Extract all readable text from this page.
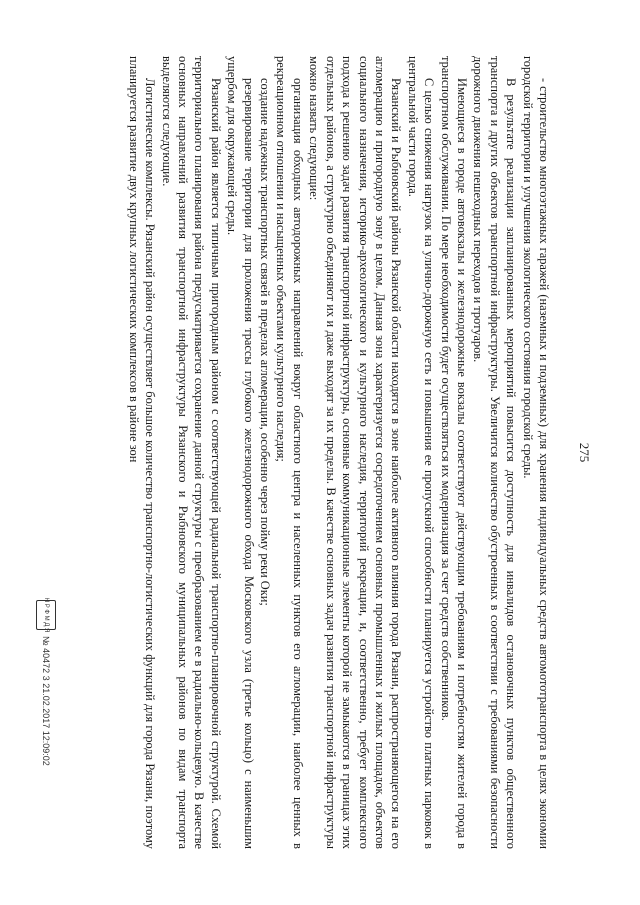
275

- строительство многоэтажных гаражей (наземных и подземных) для хранения индивидуальных средств автомототранспорта в целях экономии городской территории и улучшения экологического состояния городской среды.

В результате реализации запланированных мероприятий повысится доступность для инвалидов остановочных пунктов общественного транспорта и других объектов транспортной инфраструктуры. Увеличится количество обустроенных в соответствии с требованиями безопасности дорожного движения пешеходных переходов и тротуаров.

Имеющиеся в городе автовокзалы и железнодорожные вокзалы соответствуют действующим требованиям и потребностям жителей города в транспортном обслуживании. По мере необходимости будет осуществляться их модернизация за счет средств собственников.

С целью снижения нагрузок на улично-дорожную сеть и повышения ее пропускной способности планируется устройство платных парковок в центральной части города.

Рязанский и Рыбновский районы Рязанской области находятся в зоне наиболее активного влияния города Рязани, распространяющегося на его агломерацию и пригородную зону в целом. Данная зона характеризуется сосредоточением основных промышленных и жилых площадок, объектов социального назначения, историко-археологического и культурного наследия, территорий рекреации, и, соответственно, требует комплексного подхода к решению задач развития транспортной инфраструктуры, основные коммуникационные элементы которой не замыкаются в границах этих отдельных районов, а структурно объединяют их и даже выходят за их пределы. В качестве основных задач развития транспортной инфраструктуры можно назвать следующие:

организация обходных автодорожных направлений вокруг областного центра и населенных пунктов его агломерации, наиболее ценных в рекреационном отношении и насыщенных объектами культурного наследия;

создание надежных транспортных связей в пределах агломерации, особенно через пойму реки Оки;

резервирование территории для проложения трассы глубокого железнодорожного обхода Московского узла (третье кольцо) с наименьшим ущербом для окружающей среды.

Рязанский район является типичным пригородным районом с соответствующей радиальной транспортно-планировочной структурой. Схемой территориального планирования района предусматривается сохранение данной структуры с преобразованием ее в радиально-кольцевую. В качестве основных направлений развития транспортной инфраструктуры Рязанского и Рыбновского муниципальных районов по видам транспорта выделяются следующие.

Логистические комплексы. Рязанский район осуществляет большое количество транспортно-логистических функций для города Рязани, поэтому планируется развитие двух крупных логистических комплексов в районе зон

Н Р Ф М Д Я
№ 40472 3 21.02.2017 12:09:02
